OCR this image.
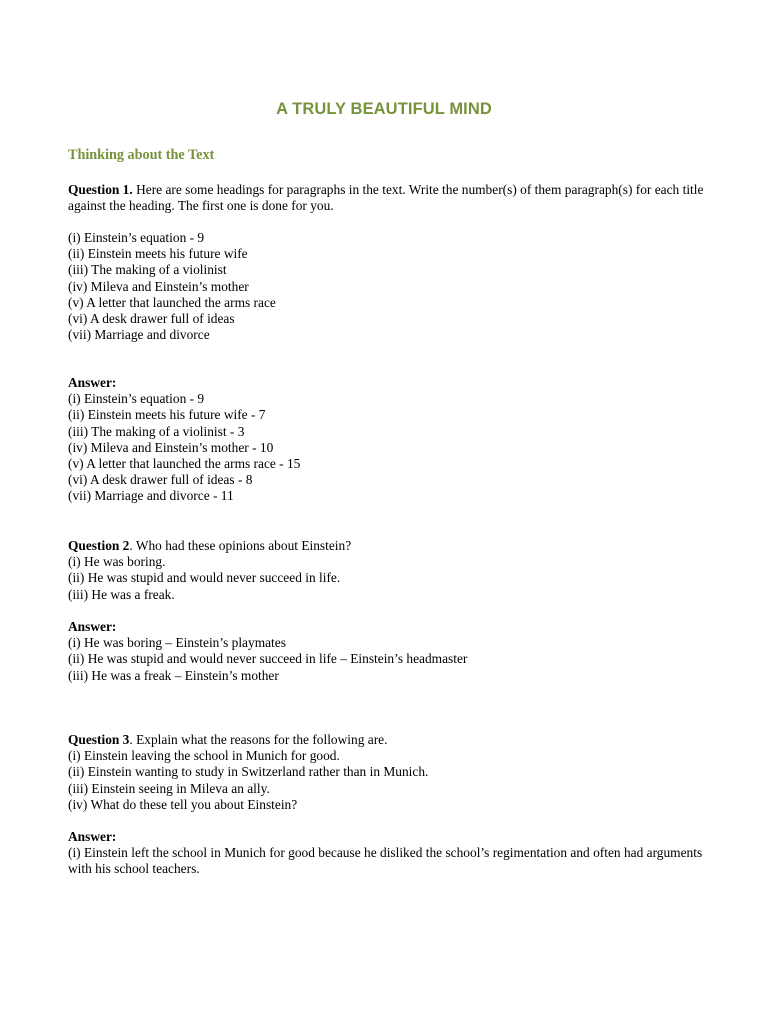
A TRULY BEAUTIFUL MIND
Thinking about the Text
Question 1. Here are some headings for paragraphs in the text. Write the number(s) of them paragraph(s) for each title against the heading. The first one is done for you.
(i) Einstein’s equation - 9
(ii) Einstein meets his future wife
(iii) The making of a violinist
(iv) Mileva and Einstein’s mother
(v) A letter that launched the arms race
(vi) A desk drawer full of ideas
(vii) Marriage and divorce
Answer:
(i) Einstein’s equation - 9
(ii) Einstein meets his future wife - 7
(iii) The making of a violinist - 3
(iv) Mileva and Einstein’s mother - 10
(v) A letter that launched the arms race - 15
(vi) A desk drawer full of ideas - 8
(vii) Marriage and divorce - 11
Question 2. Who had these opinions about Einstein?
(i) He was boring.
(ii) He was stupid and would never succeed in life.
(iii) He was a freak.
Answer:
(i) He was boring – Einstein’s playmates
(ii) He was stupid and would never succeed in life – Einstein’s headmaster
(iii) He was a freak – Einstein’s mother
Question 3. Explain what the reasons for the following are.
(i) Einstein leaving the school in Munich for good.
(ii) Einstein wanting to study in Switzerland rather than in Munich.
(iii) Einstein seeing in Mileva an ally.
(iv) What do these tell you about Einstein?
Answer:
(i) Einstein left the school in Munich for good because he disliked the school’s regimentation and often had arguments with his school teachers.
